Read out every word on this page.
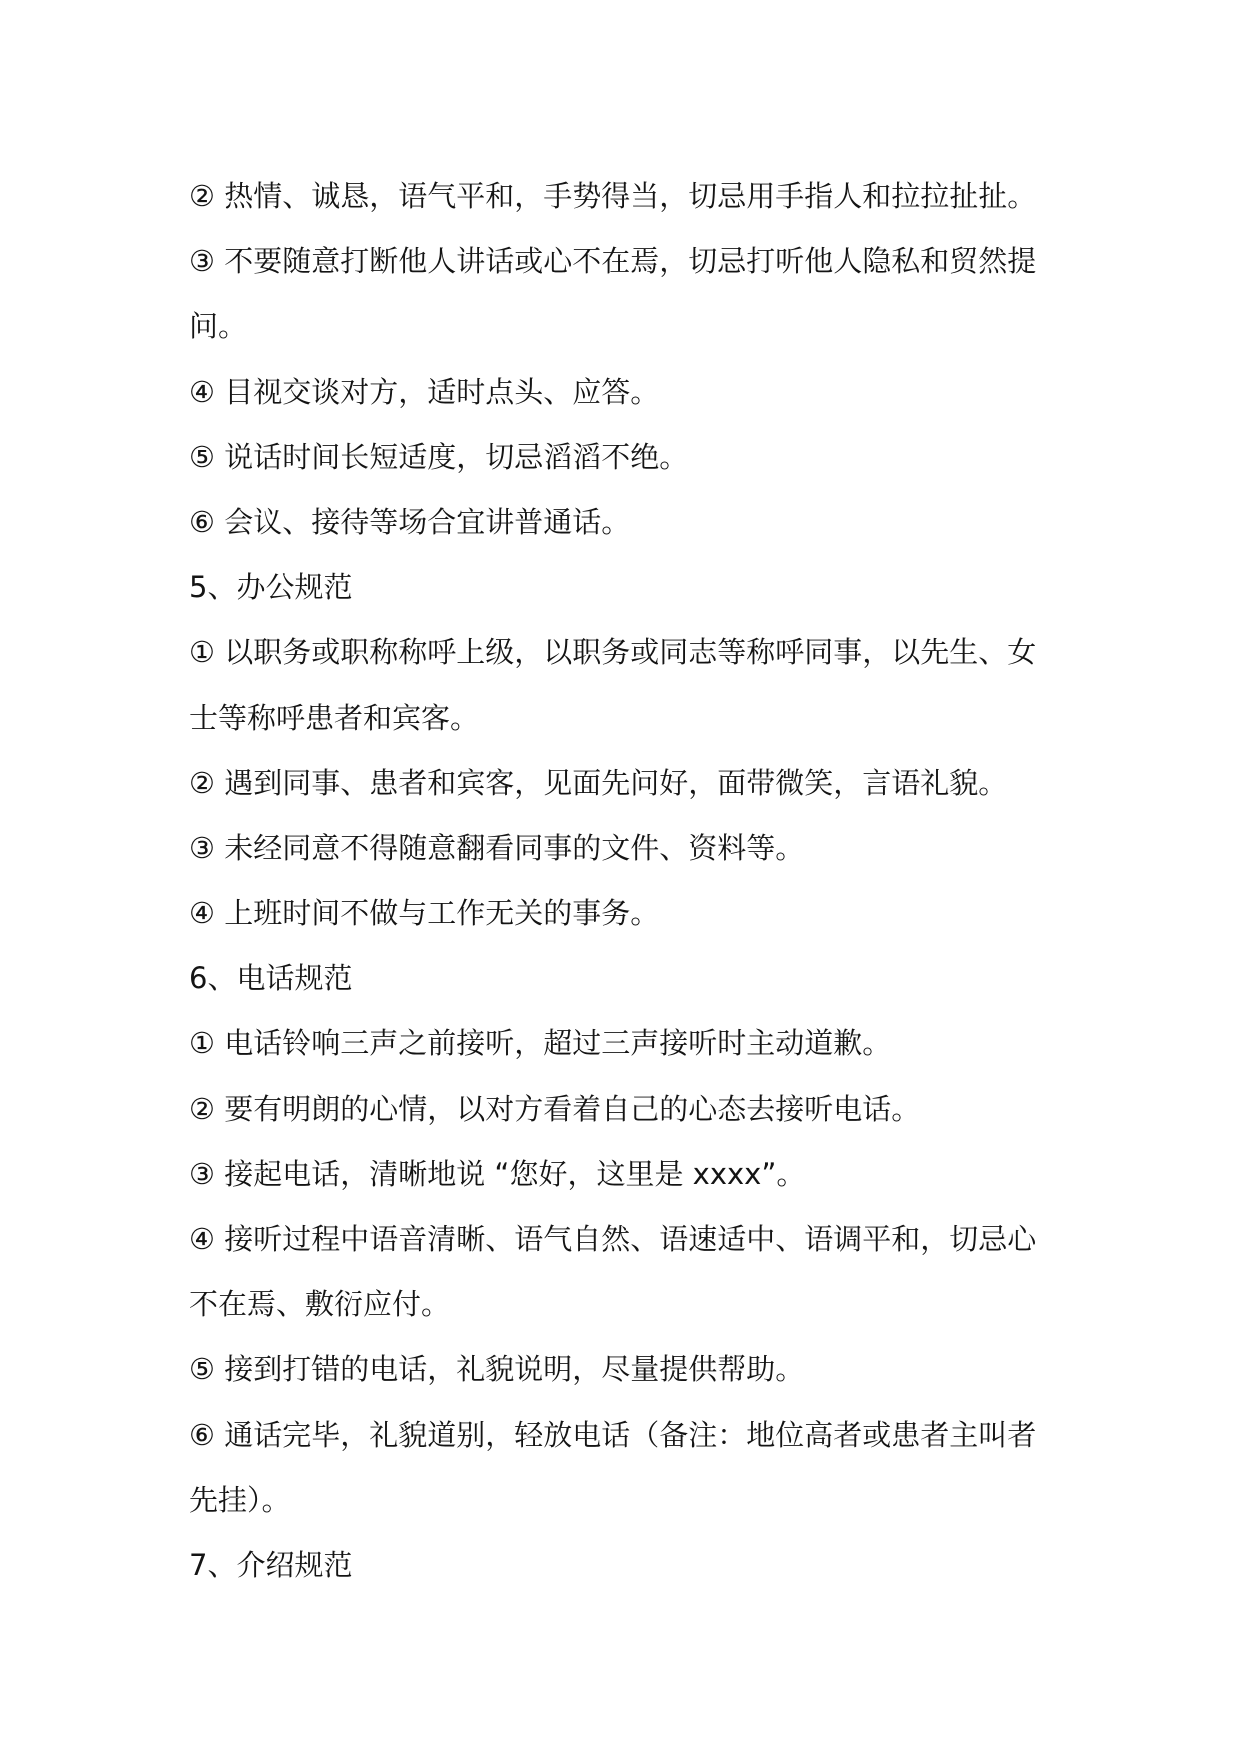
② 热情、诚恳，语气平和，手势得当，切忌用手指人和拉拉扯扯。
③ 不要随意打断他人讲话或心不在焉，切忌打听他人隐私和贸然提
问。
④ 目视交谈对方，适时点头、应答。
⑤ 说话时间长短适度，切忌滔滔不绝。
⑥ 会议、接待等场合宜讲普通话。
5、办公规范
① 以职务或职称称呼上级，以职务或同志等称呼同事，以先生、女
士等称呼患者和宾客。
② 遇到同事、患者和宾客，见面先问好，面带微笑，言语礼貌。
③ 未经同意不得随意翻看同事的文件、资料等。
④ 上班时间不做与工作无关的事务。
6、电话规范
① 电话铃响三声之前接听，超过三声接听时主动道歉。
② 要有明朗的心情，以对方看着自己的心态去接听电话。
③ 接起电话，清晰地说 “您好，这里是 xxxx”。
④ 接听过程中语音清晰、语气自然、语速适中、语调平和，切忌心
不在焉、敷衍应付。
⑤ 接到打错的电话，礼貌说明，尽量提供帮助。
⑥ 通话完毕，礼貌道别，轻放电话（备注：地位高者或患者主叫者
先挂）。
7、介绍规范
